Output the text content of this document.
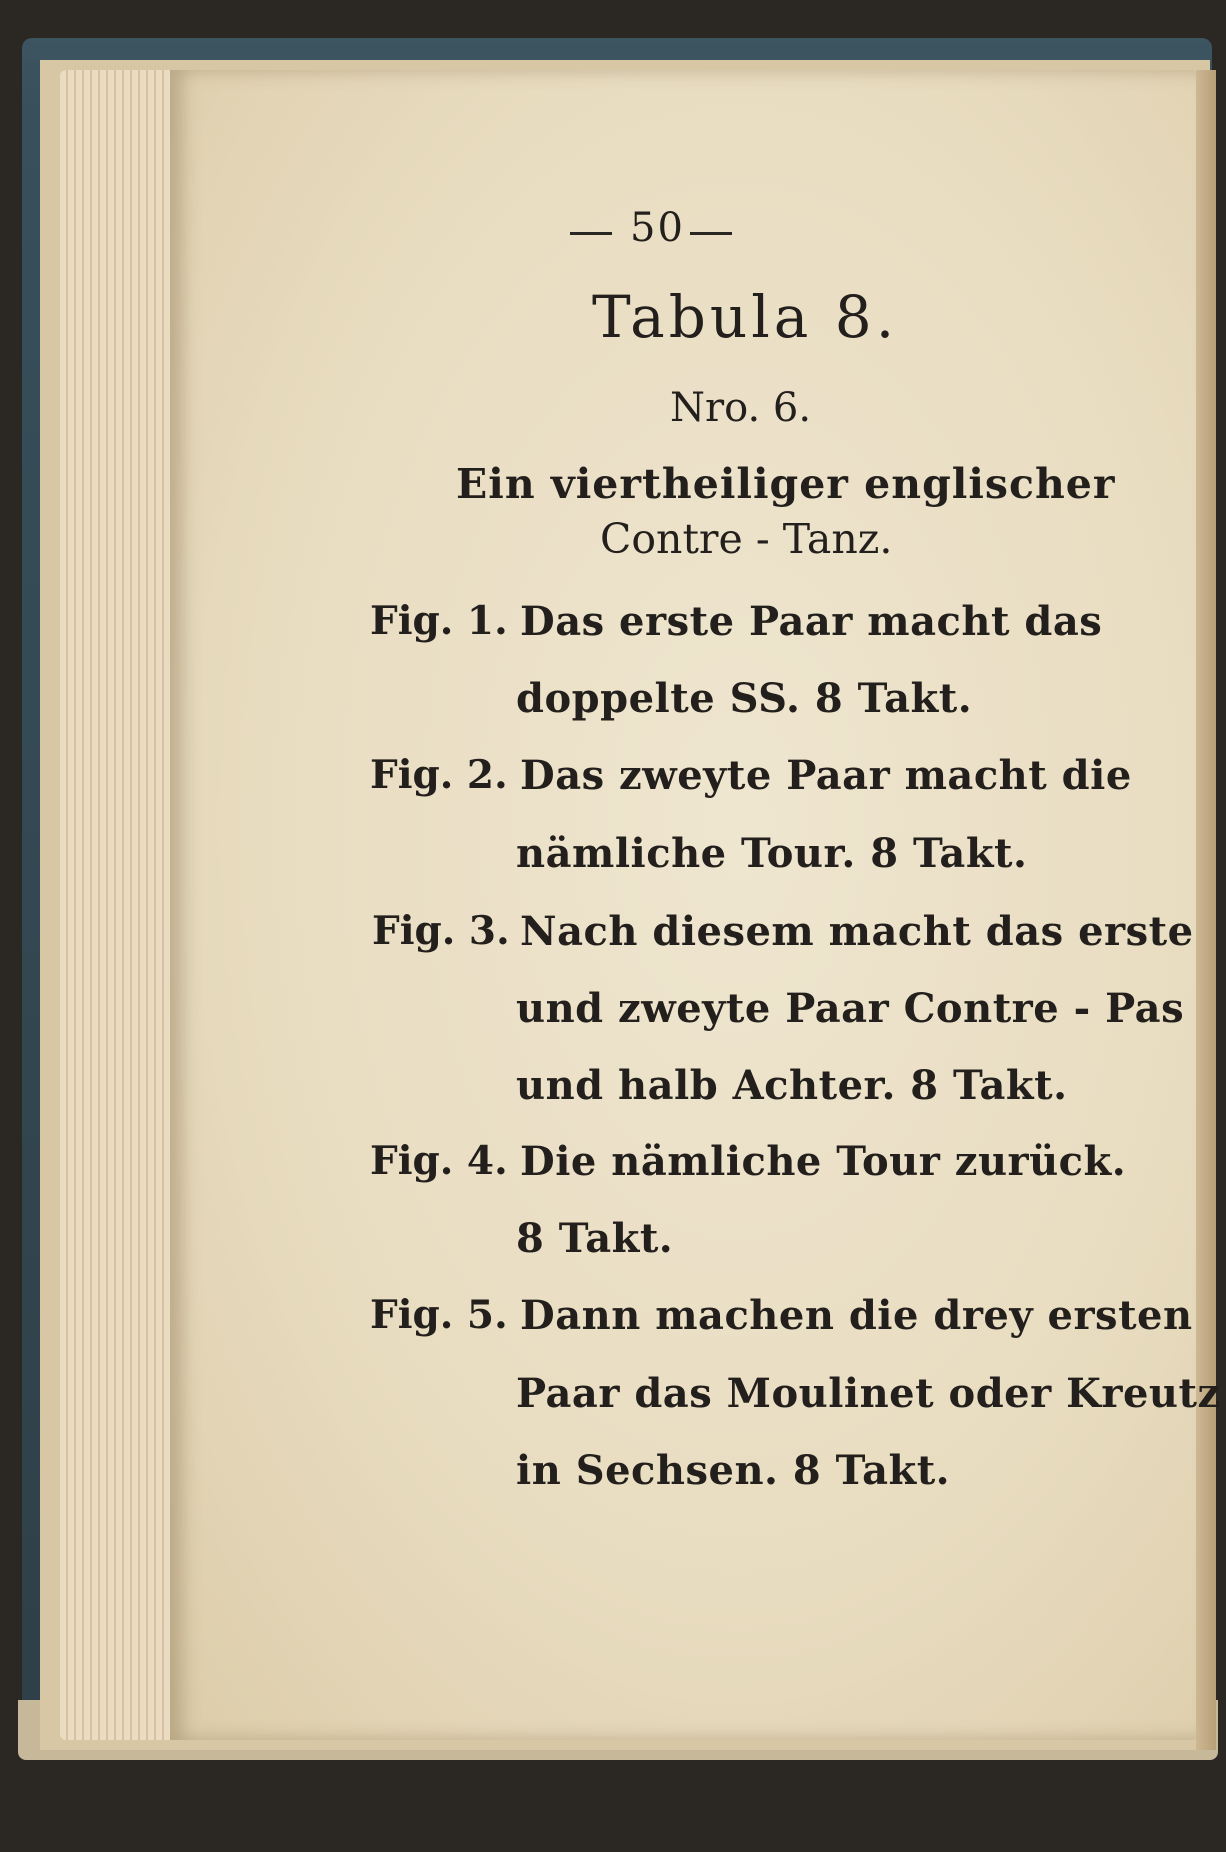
50
Tabula 8.
Nro. 6.
Ein viertheiliger englischer
Contre - Tanz.
Fig. 1. Das erste Paar macht das
doppelte SS. 8 Takt.
Fig. 2. Das zweyte Paar macht die
nämliche Tour. 8 Takt.
Fig. 3. Nach diesem macht das erste
und zweyte Paar Contre - Pas
und halb Achter. 8 Takt.
Fig. 4. Die nämliche Tour zurück.
8 Takt.
Fig. 5. Dann machen die drey ersten
Paar das Moulinet oder Kreutz
in Sechsen. 8 Takt.
